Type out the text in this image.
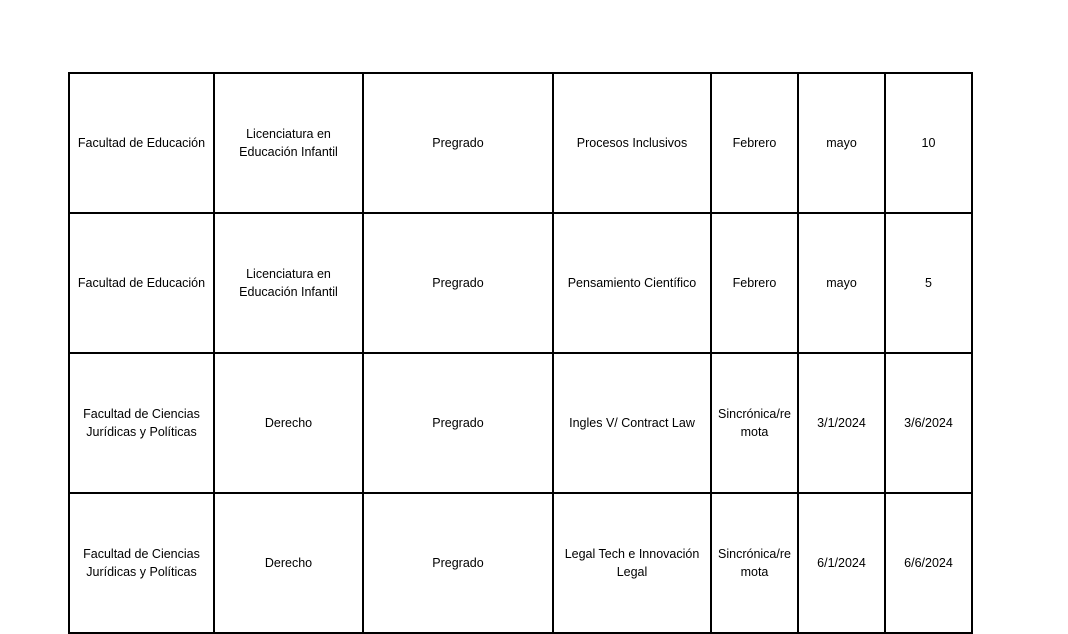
Facultad de Educación	Licenciatura en Educación Infantil	Pregrado	Procesos Inclusivos	Febrero	mayo	10
Facultad de Educación	Licenciatura en Educación Infantil	Pregrado	Pensamiento Científico	Febrero	mayo	5
Facultad de Ciencias Jurídicas y Políticas	Derecho	Pregrado	Ingles V/ Contract Law	Sincrónica/re mota	3/1/2024	3/6/2024
Facultad de Ciencias Jurídicas y Políticas	Derecho	Pregrado	Legal Tech e Innovación Legal	Sincrónica/re mota	6/1/2024	6/6/2024
